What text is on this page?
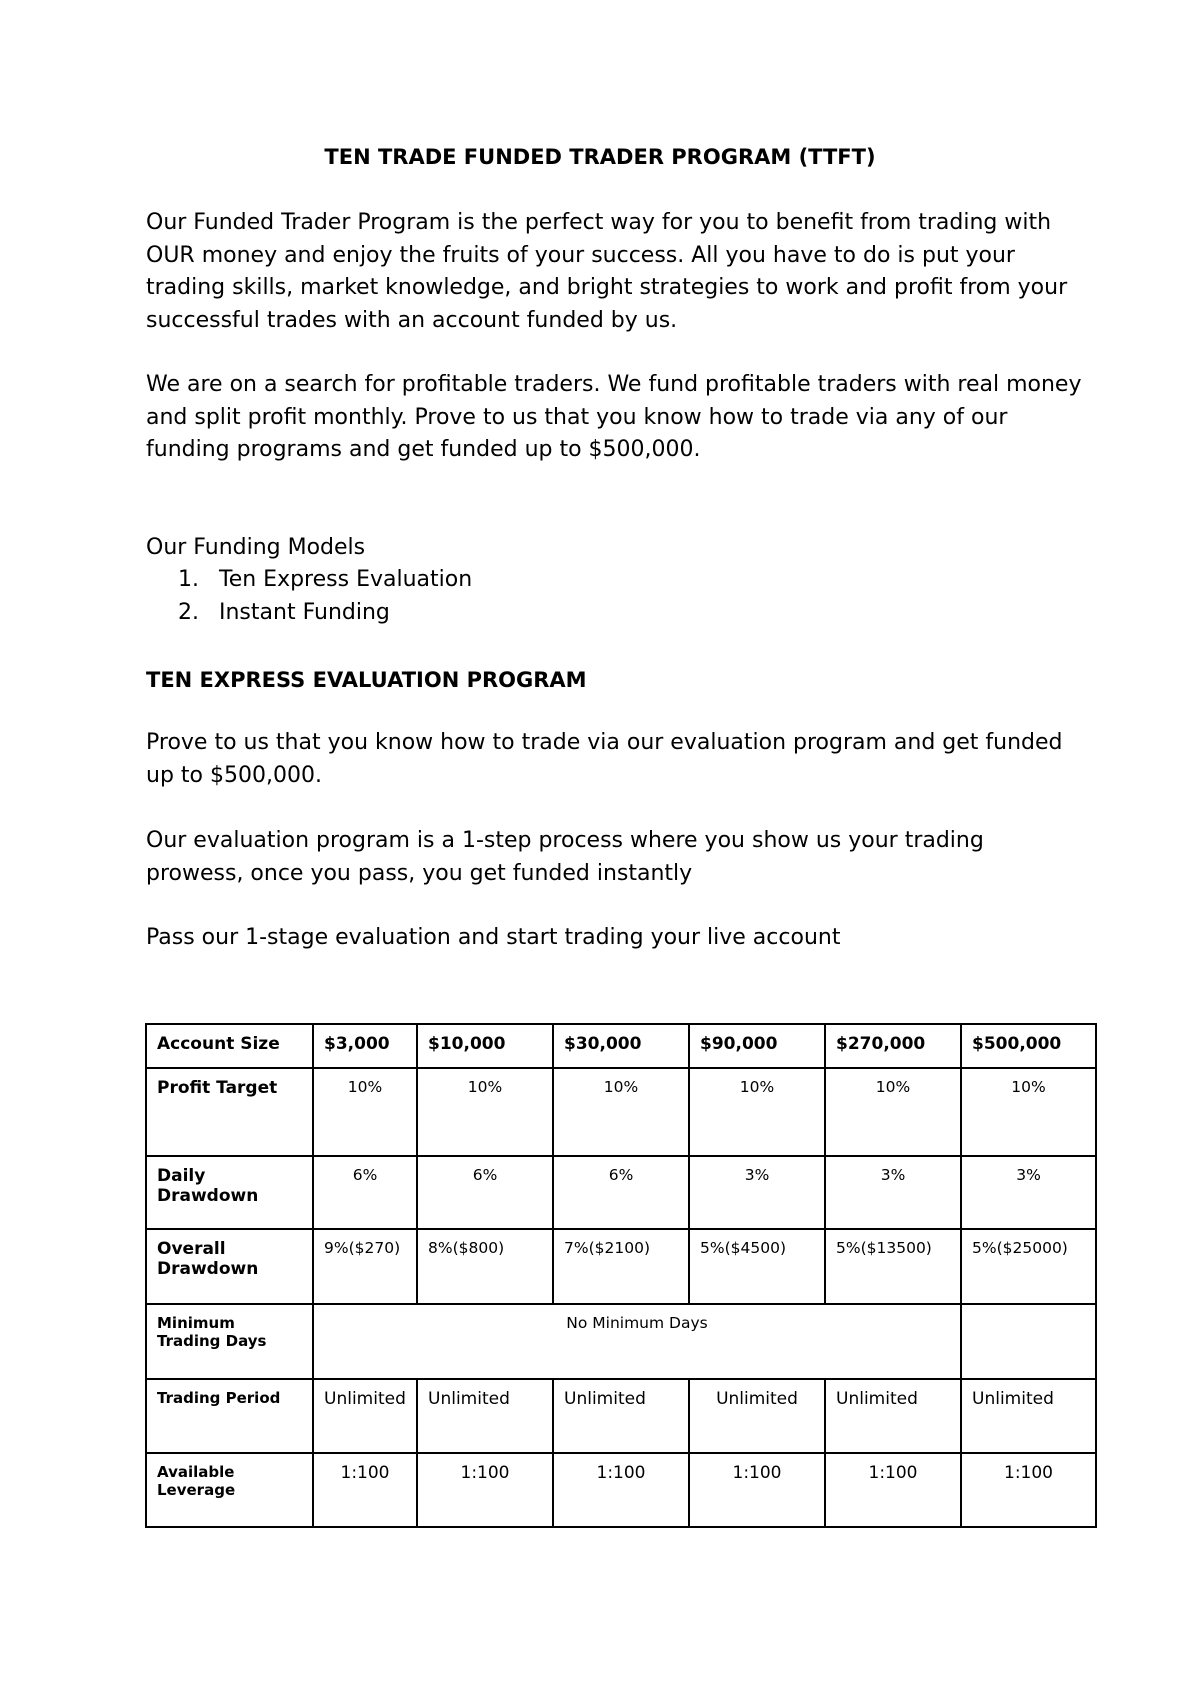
TEN TRADE FUNDED TRADER PROGRAM (TTFT)

Our Funded Trader Program is the perfect way for you to benefit from trading with OUR money and enjoy the fruits of your success. All you have to do is put your trading skills, market knowledge, and bright strategies to work and profit from your successful trades with an account funded by us.

We are on a search for profitable traders. We fund profitable traders with real money and split profit monthly. Prove to us that you know how to trade via any of our funding programs and get funded up to $500,000.

Our Funding Models

1. Ten Express Evaluation
2. Instant Funding

TEN EXPRESS EVALUATION PROGRAM

Prove to us that you know how to trade via our evaluation program and get funded up to $500,000.

Our evaluation program is a 1-step process where you show us your trading prowess, once you pass, you get funded instantly

Pass our 1-stage evaluation and start trading your live account

Account Size	$3,000	$10,000	$30,000	$90,000	$270,000	$500,000
Profit Target	10%	10%	10%	10%	10%	10%
Daily Drawdown	6%	6%	6%	3%	3%	3%
Overall Drawdown	9%($270)	8%($800)	7%($2100)	5%($4500)	5%($13500)	5%($25000)
Minimum Trading Days	No Minimum Days					
Trading Period	Unlimited	Unlimited	Unlimited	Unlimited	Unlimited	Unlimited
Available Leverage	1:100	1:100	1:100	1:100	1:100	1:100
